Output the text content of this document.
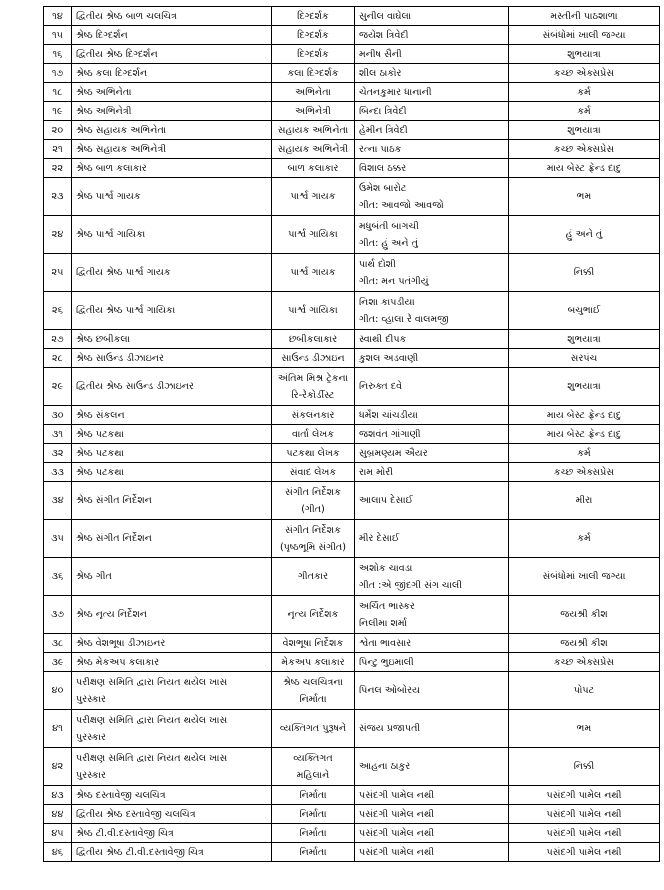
૧૪	દ્વિતીય શ્રેષ્ઠ બાળ ચલચિત્ર	દિગ્દર્શક	સુનીલ વાઘેલા	મસ્તીની પાઠશાળા

૧૫	શ્રેષ્ઠ દિગ્દર્શન	દિગ્દર્શક	જયેશ ત્રિવેદી	સંબંધોમાં ખાલી જગ્યા

૧૬	દ્વિતીય શ્રેષ્ઠ દિગ્દર્શન	દિગ્દર્શક	મનીષ સૈની	શુભયાત્રા

૧૭	શ્રેષ્ઠ કલા દિગ્દર્શન	કલા દિગ્દર્શક	શીલ ઠાકોર	કચ્છ એક્સપ્રેસ

૧૮	શ્રેષ્ઠ અભિનેતા	અભિનેતા	ચેતનકુમાર ધાનાની	કર્મ

૧૯	શ્રેષ્ઠ અભિનેત્રી	અભિનેત્રી	બિન્દા ત્રિવેદી	કર્મ

૨૦	શ્રેષ્ઠ સહાયક અભિનેતા	સહાયક અભિનેતા	હેમીન ત્રિવેદી	શુભયાત્રા

૨૧	શ્રેષ્ઠ સહાયક અભિનેત્રી	સહાયક અભિનેત્રી	રત્ના પાઠક	કચ્છ એક્સપ્રેસ

૨૨	શ્રેષ્ઠ બાળ કલાકાર	બાળ કલાકાર	વિશાલ ઠક્કર	માય બેસ્ટ ફ્રેન્ડ દાદુ

૨૩	શ્રેષ્ઠ પાર્શ્વ ગાયક	પાર્શ્વ ગાયક	ઉમેશ બારોટ
ગીત: આવજો આવજો	ભમ

૨૪	શ્રેષ્ઠ પાર્શ્વ ગાયિકા	પાર્શ્વ ગાયિકા	મધુબંતી બાગચી
ગીત: હું અને તું	હું અને તું

૨૫	દ્વિતીય શ્રેષ્ઠ પાર્શ્વ ગાયક	પાર્શ્વ ગાયક	પાર્થ દોશી
ગીત: મન પતંગીયું	નિક્કી

૨૬	દ્વિતીય શ્રેષ્ઠ પાર્શ્વ ગાયિકા	પાર્શ્વ ગાયિકા	નિશા કાપડીયા
ગીત: વ્હાલા રે વાલમજી	બચુભાઈ

૨૭	શ્રેષ્ઠ છબીકલા	છબીકલાકાર	સ્વાથી દીપક	શુભયાત્રા

૨૮	શ્રેષ્ઠ સાઉન્ડ ડીઝાઇનર	સાઉન્ડ ડીઝાઇન	કુશલ અડવાણી	સરપંચ

૨૯	દ્વિતીય શ્રેષ્ઠ સાઉન્ડ ડીઝાઇનર	અંતિમ મિશ્ર ટ્રેકના
રિ-રેકોર્ડીસ્ટ	નિરુક્ત દવે	શુભયાત્રા

૩૦	શ્રેષ્ઠ સંકલન	સંકલનકાર	ધર્મેશ ચાંચડીયા	માય બેસ્ટ ફ્રેન્ડ દાદુ

૩૧	શ્રેષ્ઠ પટકથા	વાર્તા લેખક	જશવંત ગાંગાણી	માય બેસ્ટ ફ્રેન્ડ દાદુ

૩૨	શ્રેષ્ઠ પટકથા	પટકથા લેખક	સુબ્રમણ્યમ ઐયર	કર્મ

૩૩	શ્રેષ્ઠ પટકથા	સંવાદ લેખક	રામ મોરી	કચ્છ એક્સપ્રેસ

૩૪	શ્રેષ્ઠ સંગીત નિર્દેશન	સંગીત નિર્દેશક
(ગીત)	આલાપ દેસાઈ	મીરા

૩૫	શ્રેષ્ઠ સંગીત નિર્દેશન	સંગીત નિર્દેશક
(પૃષ્ઠભૂમિ સંગીત)	મીર દેસાઈ	કર્મ

૩૬	શ્રેષ્ઠ ગીત	ગીતકાર	અશોક ચાવડા
ગીત :એ જીંદગી સંગ ચાલી	સંબંધોમાં ખાલી જગ્યા

૩૭	શ્રેષ્ઠ નૃત્ય નિર્દેશન	નૃત્ય નિર્દેશક	અર્ચિત ભાસ્કર
નિલીમા શર્મા	જયશ્રી કીશ

૩૮	શ્રેષ્ઠ વેશભૂષા ડીઝાઇનર	વેશભૂષા નિર્દેશક	શ્વેતા ભાવસાર	જયશ્રી કીશ

૩૯	શ્રેષ્ઠ મેકઅપ કલાકાર	મેકઅપ કલાકાર	પિન્ટુ ભુઇમાલી	કચ્છ એક્સપ્રેસ

૪૦	પરીક્ષણ સમિતિ દ્વારા નિયત થયેલ ખાસ
પુરસ્કાર	શ્રેષ્ઠ ચલચિત્રના
નિર્માતા	પિનલ ઓબોરય	પોપટ

૪૧	પરીક્ષણ સમિતિ દ્વારા નિયત થયેલ ખાસ
પુરસ્કાર	વ્યક્તિગત પુરૂષને	સંજય પ્રજાપતી	ભમ

૪૨	પરીક્ષણ સમિતિ દ્વારા નિયત થયેલ ખાસ
પુરસ્કાર	વ્યક્તિગત
મહિલાને	આહના ઠાકુર	નિક્કી

૪૩	શ્રેષ્ઠ દસ્તાવેજી ચલચિત્ર	નિર્માતા	પસંદગી પામેલ નથી	પસંદગી પામેલ નથી

૪૪	દ્વિતીય શ્રેષ્ઠ દસ્તાવેજી ચલચિત્ર	નિર્માતા	પસંદગી પામેલ નથી	પસંદગી પામેલ નથી

૪૫	શ્રેષ્ઠ ટી.વી.દસ્તાવેજી ચિત્ર	નિર્માતા	પસંદગી પામેલ નથી	પસંદગી પામેલ નથી

૪૬	દ્વિતીય શ્રેષ્ઠ ટી.વી.દસ્તાવેજી ચિત્ર	નિર્માતા	પસંદગી પામેલ નથી	પસંદગી પામેલ નથી
